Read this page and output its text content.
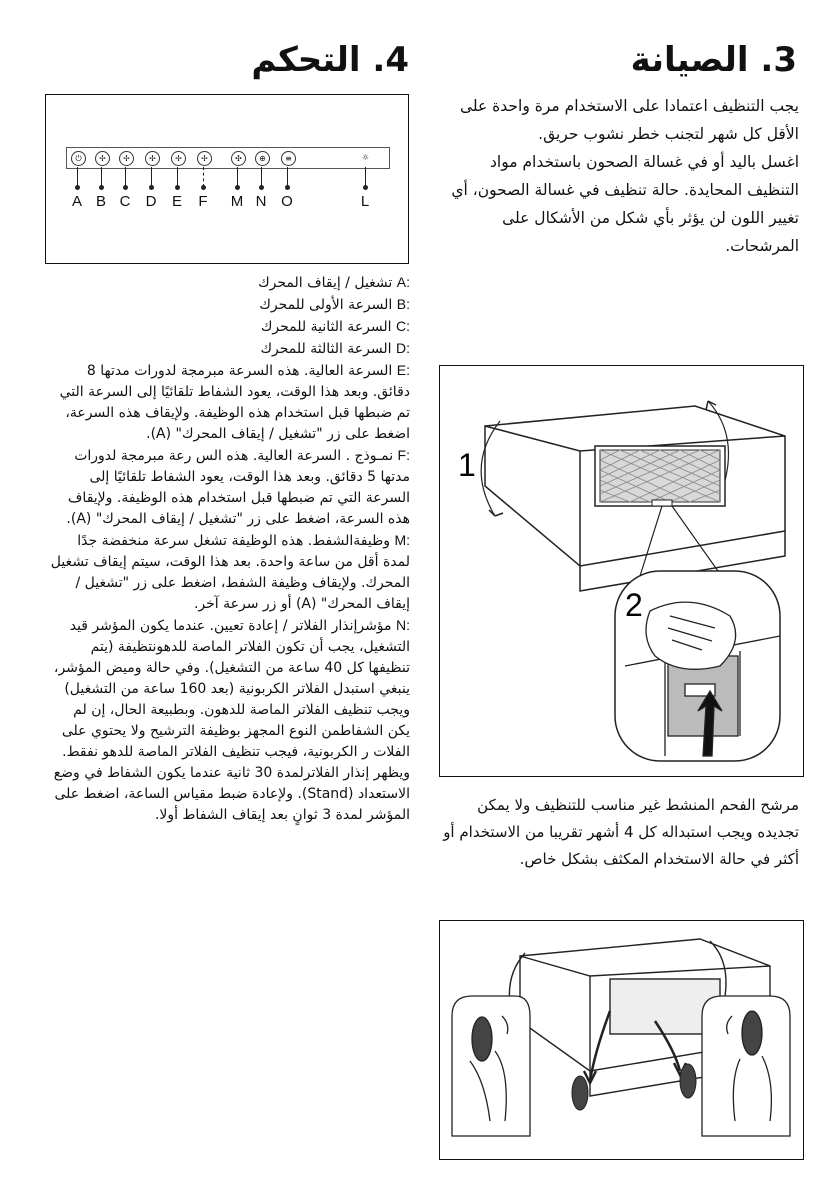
3. الصيانة
4. التحكم

يجب التنظيف اعتمادا على الاستخدام مرة واحدة على الأقل كل شهر لتجنب خطر نشوب حريق.

اغسل باليد أو في غسالة الصحون باستخدام مواد التنظيف المحايدة. حالة تنظيف في غسالة الصحون، أي تغيير اللون لن يؤثر بأي شكل من الأشكال على المرشحات.

1
2

مرشح الفحم المنشط غير مناسب للتنظيف ولا يمكن تجديده ويجب استبداله كل 4 أشهر تقريبا من الاستخدام أو أكثر في حالة الاستخدام المكثف بشكل خاص.

⏻	✢	✢	✢	✢	✢	✣	⊕	≡	☼
A B C	D	E	F	M N O	L

A: تشغيل / إيقاف المحرك

B: السرعة الأولى للمحرك

C: السرعة الثانية للمحرك

D: السرعة الثالثة للمحرك

E: السرعة العالية. هذه السرعة مبرمجة لدورات مدتها 8 دقائق. وبعد هذا الوقت، يعود الشفاط تلقائيًا إلى السرعة التي تم ضبطها قبل استخدام هذه الوظيفة. ولإيقاف هذه السرعة، اضغط على زر "تشغيل / إيقاف المحرك" (A).

F: نمـوذج . السرعة العالية. هذه الس رعة مبرمجة لدورات مدتها 5 دقائق. وبعد هذا الوقت، يعود الشفاط تلقائيًا إلى السرعة التي تم ضبطها قبل استخدام هذه الوظيفة. ولإيقاف هذه السرعة، اضغط على زر "تشغيل / إيقاف المحرك" (A).

M: وظيفةالشفط. هذه الوظيفة تشغل سرعة منخفضة جدًا لمدة أقل من ساعة واحدة. بعد هذا الوقت، سيتم إيقاف تشغيل المحرك. ولإيقاف وظيفة الشفط، اضغط على زر "تشغيل / إيقاف المحرك" (A) أو زر سرعة آخر.

N: مؤشرإنذار الفلاتر / إعادة تعيين. عندما يكون المؤشر قيد التشغيل، يجب أن تكون الفلاتر الماصة للدهونتظيفة (يتم تنظيفها كل 40 ساعة من التشغيل). وفي حالة وميض المؤشر، ينبغي استبدل الفلاتر الكربونية (بعد 160 ساعة من التشغيل) ويجب تنظيف الفلاتر الماصة للدهون. وبطبيعة الحال، إن لم يكن الشفاطمن النوع المجهز بوظيفة الترشيح ولا يحتوي على الفلات ر الكربونية، فيجب تنظيف الفلاتر الماصة للدهو نفقط. ويظهر إنذار الفلاترلمدة 30 ثانية عندما يكون الشفاط في وضع الاستعداد (Stand). ولإعادة ضبط مقياس الساعة، اضغط على المؤشر لمدة 3 ثوانٍ بعد إيقاف الشفاط أولا.
